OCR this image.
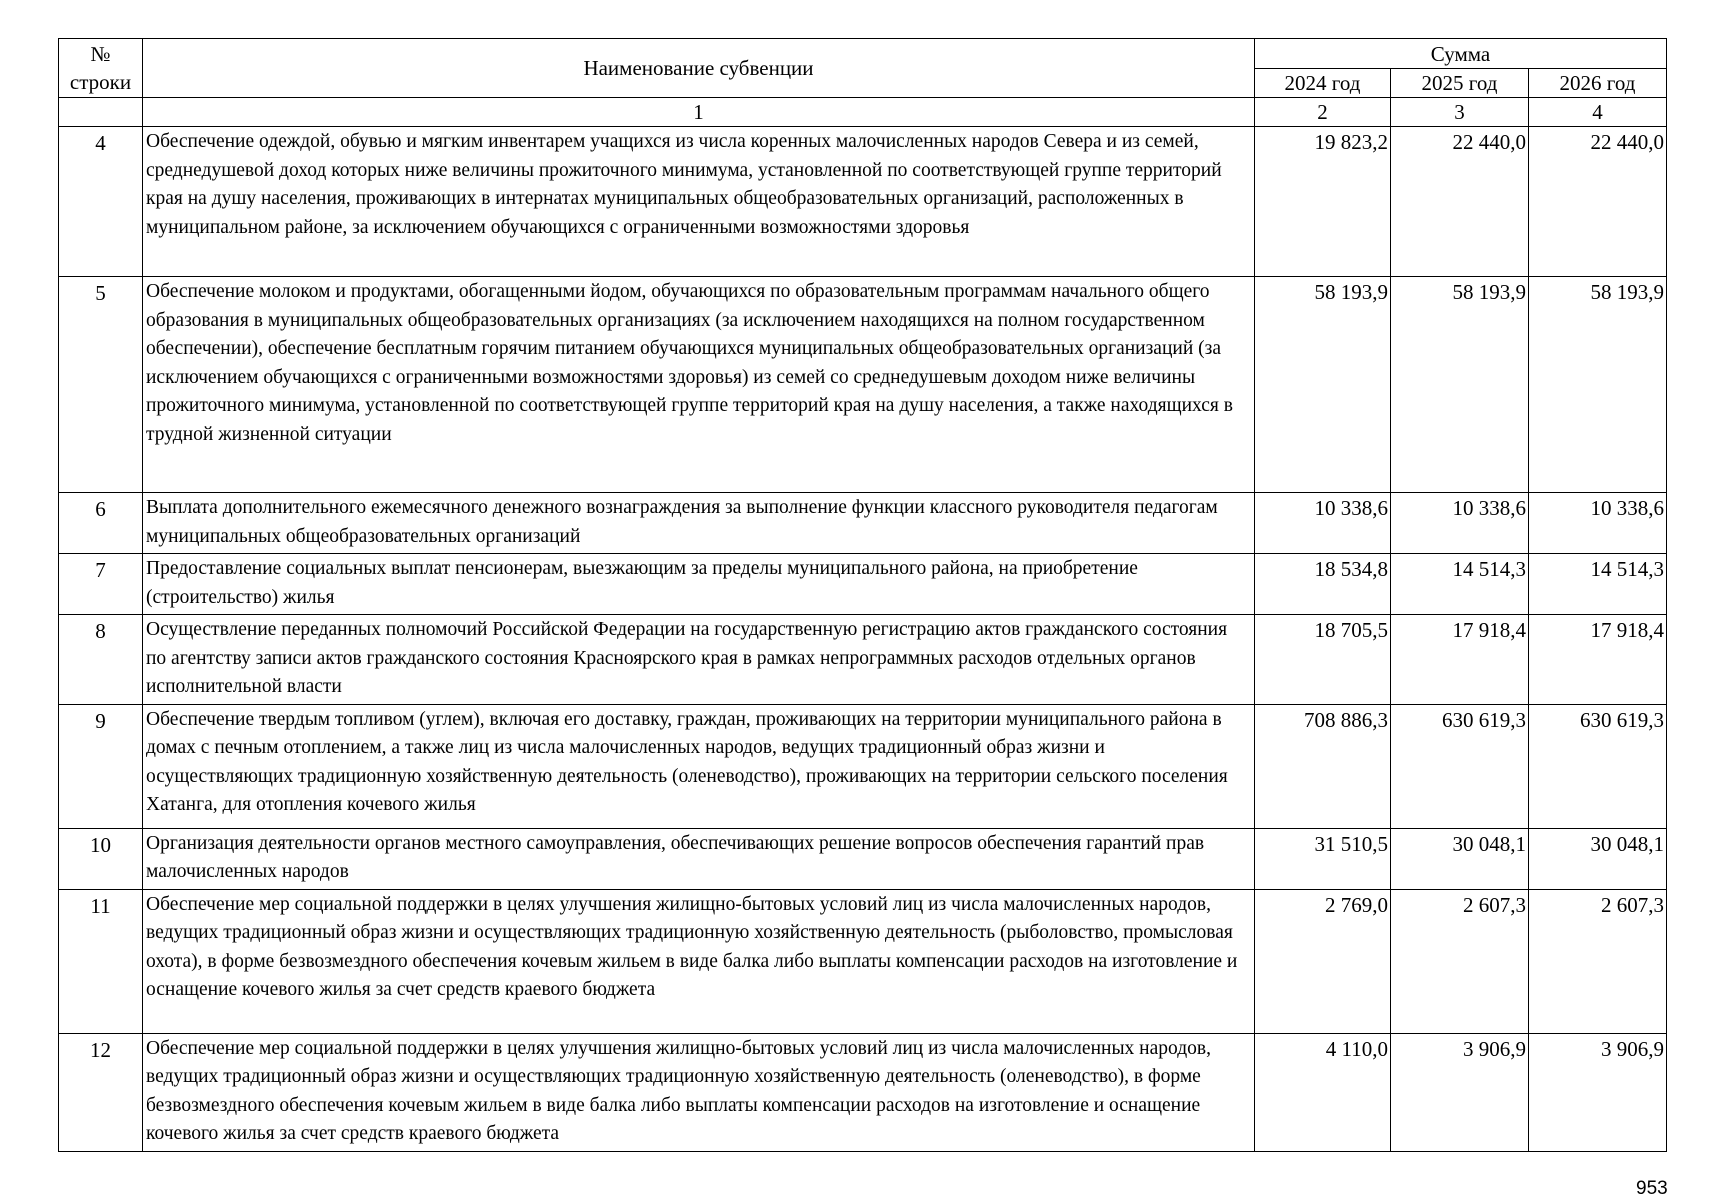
№ строки	Наименование субвенции	Сумма		
		2024 год	2025 год	2026 год
	1	2	3	4
4	Обеспечение одеждой, обувью и мягким инвентарем учащихся из числа коренных малочисленных народов Севера и из семей, среднедушевой доход которых ниже величины прожиточного минимума, установленной по соответствующей группе территорий края на душу населения, проживающих в интернатах муниципальных общеобразовательных организаций, расположенных в муниципальном районе, за исключением обучающихся с ограниченными возможностями здоровья	19 823,2	22 440,0	22 440,0
5	Обеспечение молоком и продуктами, обогащенными йодом, обучающихся по образовательным программам начального общего образования в муниципальных общеобразовательных организациях (за исключением находящихся на полном государственном обеспечении), обеспечение бесплатным горячим питанием обучающихся муниципальных общеобразовательных организаций (за исключением обучающихся с ограниченными возможностями здоровья) из семей со среднедушевым доходом ниже величины прожиточного минимума, установленной по соответствующей группе территорий края на душу населения, а также находящихся в трудной жизненной ситуации	58 193,9	58 193,9	58 193,9
6	Выплата дополнительного ежемесячного денежного вознаграждения за выполнение функции классного руководителя педагогам муниципальных общеобразовательных организаций	10 338,6	10 338,6	10 338,6
7	Предоставление социальных выплат пенсионерам, выезжающим за пределы муниципального района, на приобретение (строительство) жилья	18 534,8	14 514,3	14 514,3
8	Осуществление переданных полномочий Российской Федерации на государственную регистрацию актов гражданского состояния по агентству записи актов гражданского состояния Красноярского края в рамках непрограммных расходов отдельных органов исполнительной власти	18 705,5	17 918,4	17 918,4
9	Обеспечение твердым топливом (углем), включая его доставку, граждан, проживающих на территории муниципального района в домах с печным отоплением, а также лиц из числа малочисленных народов, ведущих традиционный образ жизни и осуществляющих традиционную хозяйственную деятельность (оленеводство), проживающих на территории сельского поселения Хатанга, для отопления кочевого жилья	708 886,3	630 619,3	630 619,3
10	Организация деятельности органов местного самоуправления, обеспечивающих решение вопросов обеспечения гарантий прав малочисленных народов	31 510,5	30 048,1	30 048,1
11	Обеспечение мер социальной поддержки в целях улучшения жилищно-бытовых условий лиц из числа малочисленных народов, ведущих традиционный образ жизни и осуществляющих традиционную хозяйственную деятельность (рыболовство, промысловая охота), в форме безвозмездного обеспечения кочевым жильем в виде балка либо выплаты компенсации расходов на изготовление и оснащение кочевого жилья за счет средств краевого бюджета	2 769,0	2 607,3	2 607,3
12	Обеспечение мер социальной поддержки в целях улучшения жилищно-бытовых условий лиц из числа малочисленных народов, ведущих традиционный образ жизни и осуществляющих традиционную хозяйственную деятельность (оленеводство), в форме безвозмездного обеспечения кочевым жильем в виде балка либо выплаты компенсации расходов на изготовление и оснащение кочевого жилья за счет средств краевого бюджета	4 110,0	3 906,9	3 906,9
953
